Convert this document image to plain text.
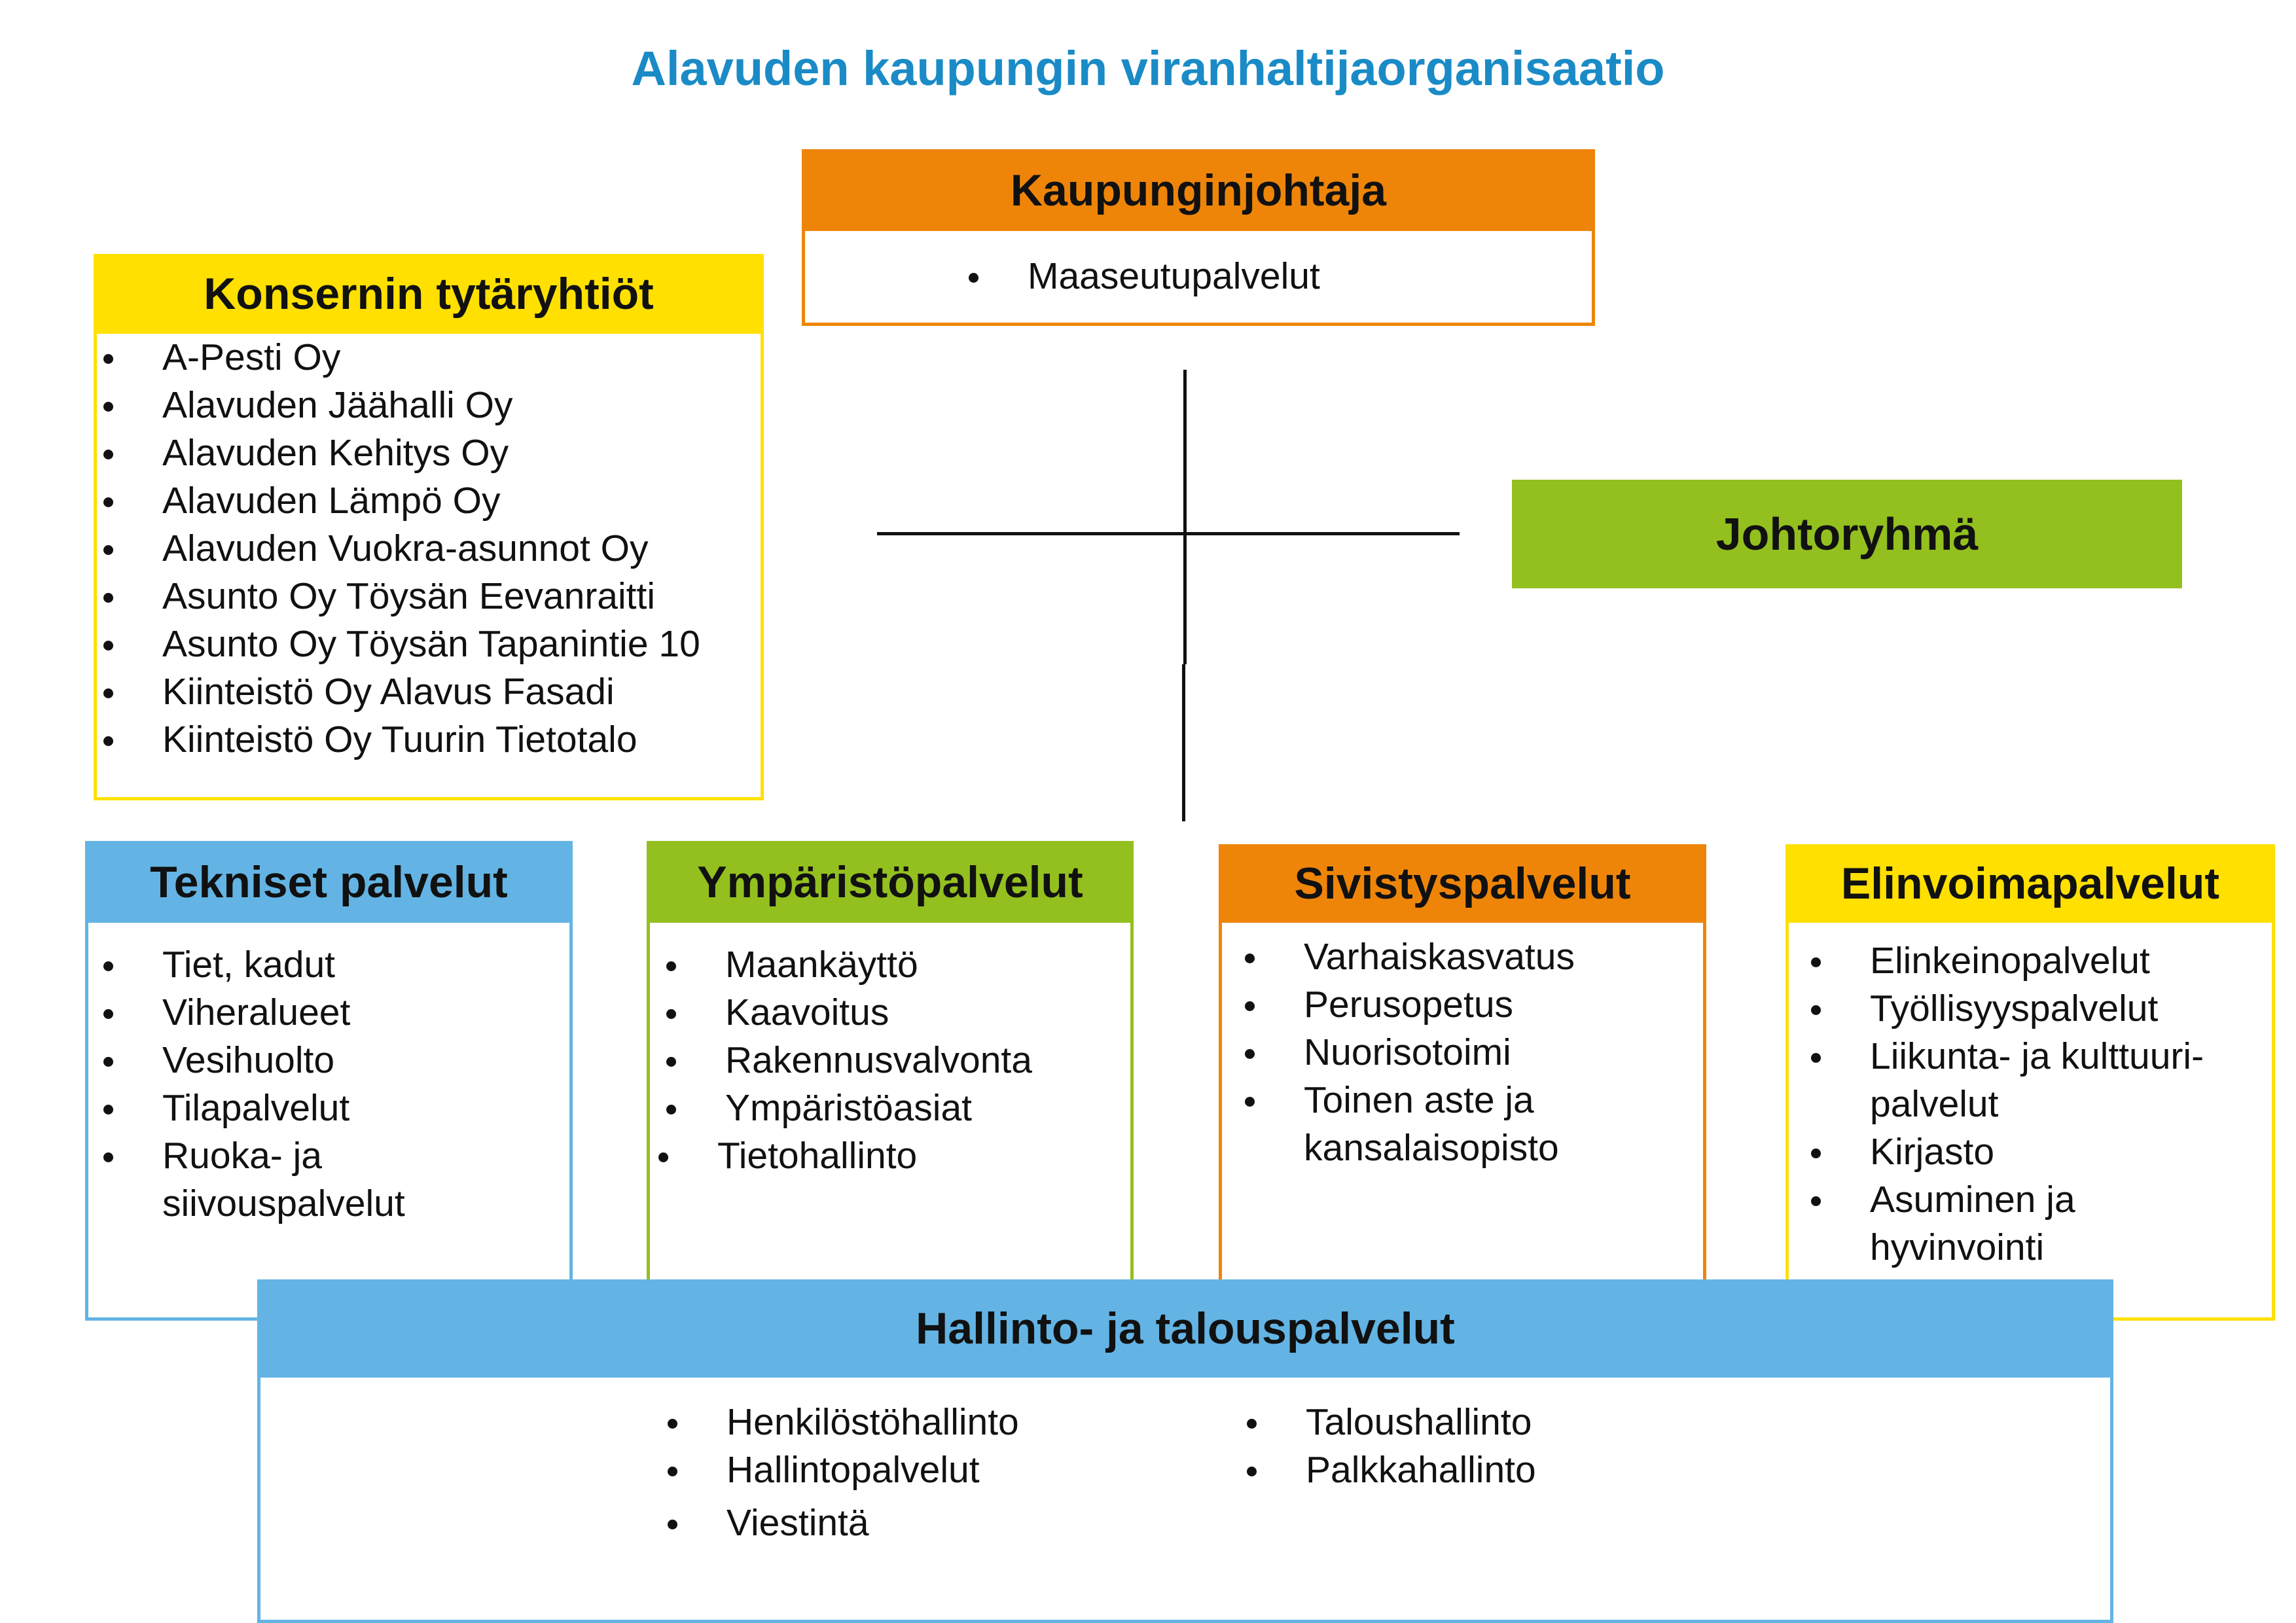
Alavuden kaupungin viranhaltijaorganisaatio
Kaupunginjohtaja
Maaseutupalvelut
Konsernin tytäryhtiöt
A-Pesti Oy
Alavuden Jäähalli Oy
Alavuden Kehitys Oy
Alavuden Lämpö Oy
Alavuden Vuokra-asunnot Oy
Asunto Oy Töysän Eevanraitti
Asunto Oy Töysän Tapanintie 10
Kiinteistö Oy Alavus Fasadi
Kiinteistö Oy Tuurin Tietotalo
Johtoryhmä
Tekniset palvelut
Tiet, kadut
Viheralueet
Vesihuolto
Tilapalvelut
Ruoka- ja
siivouspalvelut
Ympäristöpalvelut
Maankäyttö
Kaavoitus
Rakennusvalvonta
Ympäristöasiat
Tietohallinto
Sivistyspalvelut
Varhaiskasvatus
Perusopetus
Nuorisotoimi
Toinen aste ja
kansalaisopisto
Elinvoimapalvelut
Elinkeinopalvelut
Työllisyyspalvelut
Liikunta- ja kulttuuri-
palvelut
Kirjasto
Asuminen ja
hyvinvointi
Hallinto- ja talouspalvelut
Henkilöstöhallinto
Hallintopalvelut
Viestintä
Taloushallinto
Palkkahallinto
